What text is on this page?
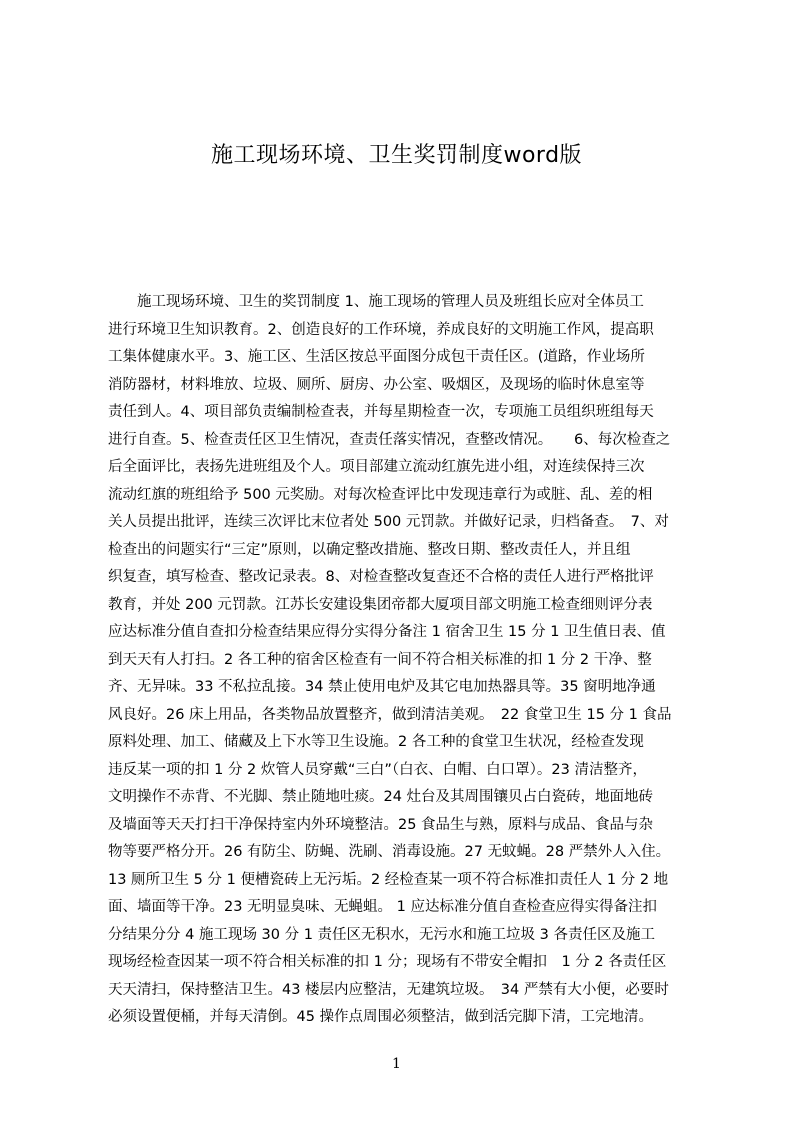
施工现场环境、卫生奖罚制度word版
　　施工现场环境、卫生的奖罚制度 1、施工现场的管理人员及班组长应对全体员工
进行环境卫生知识教育。2、创造良好的工作环境，养成良好的文明施工作风，提高职
工集体健康水平。3、施工区、生活区按总平面图分成包干责任区。(道路，作业场所
消防器材，材料堆放、垃圾、厕所、厨房、办公室、吸烟区，及现场的临时休息室等
责任到人。4、项目部负责编制检查表，并每星期检查一次，专项施工员组织班组每天
进行自查。5、检查责任区卫生情况，查责任落实情况，查整改情况。　　6、每次检查之
后全面评比，表扬先进班组及个人。项目部建立流动红旗先进小组，对连续保持三次
流动红旗的班组给予 500 元奖励。对每次检查评比中发现违章行为或脏、乱、差的相
关人员提出批评，连续三次评比末位者处 500 元罚款。并做好记录，归档备查。　7、对
检查出的问题实行“三定”原则，以确定整改措施、整改日期、整改责任人，并且组
织复查，填写检查、整改记录表。8、对检查整改复查还不合格的责任人进行严格批评
教育，并处 200 元罚款。江苏长安建设集团帝都大厦项目部文明施工检查细则评分表
应达标准分值自查扣分检查结果应得分实得分备注 1 宿舍卫生 15 分 1 卫生值日表、值
到天天有人打扫。2 各工种的宿舍区检查有一间不符合相关标准的扣 1 分 2 干净、整
齐、无异味。33 不私拉乱接。34 禁止使用电炉及其它电加热器具等。35 窗明地净通
风良好。26 床上用品，各类物品放置整齐，做到清洁美观。　22 食堂卫生 15 分 1 食品
原料处理、加工、储藏及上下水等卫生设施。2 各工种的食堂卫生状况，经检查发现
违反某一项的扣 1 分 2 炊管人员穿戴“三白”（白衣、白帽、白口罩）。23 清洁整齐，
文明操作不赤背、不光脚、禁止随地吐痰。24 灶台及其周围镶贝占白瓷砖，地面地砖
及墙面等天天打扫干净保持室内外环境整洁。25 食品生与熟，原料与成品、食品与杂
物等要严格分开。26 有防尘、防蝇、洗刷、消毒设施。27 无蚊蝇。28 严禁外人入住。
13 厕所卫生 5 分 1 便槽瓷砖上无污垢。2 经检查某一项不符合标准扣责任人 1 分 2 地
面、墙面等干净。23 无明显臭味、无蝇蛆。 1 应达标准分值自查检查应得实得备注扣
分结果分分 4 施工现场 30 分 1 责任区无积水，无污水和施工垃圾 3 各责任区及施工
现场经检查因某一项不符合相关标准的扣 1 分；现场有不带安全帽扣　1 分 2 各责任区
天天清扫，保持整洁卫生。43 楼层内应整洁，无建筑垃圾。　34 严禁有大小便，必要时
必须设置便桶，并每天清倒。45 操作点周围必须整洁，做到活完脚下清，工完地清。
1
